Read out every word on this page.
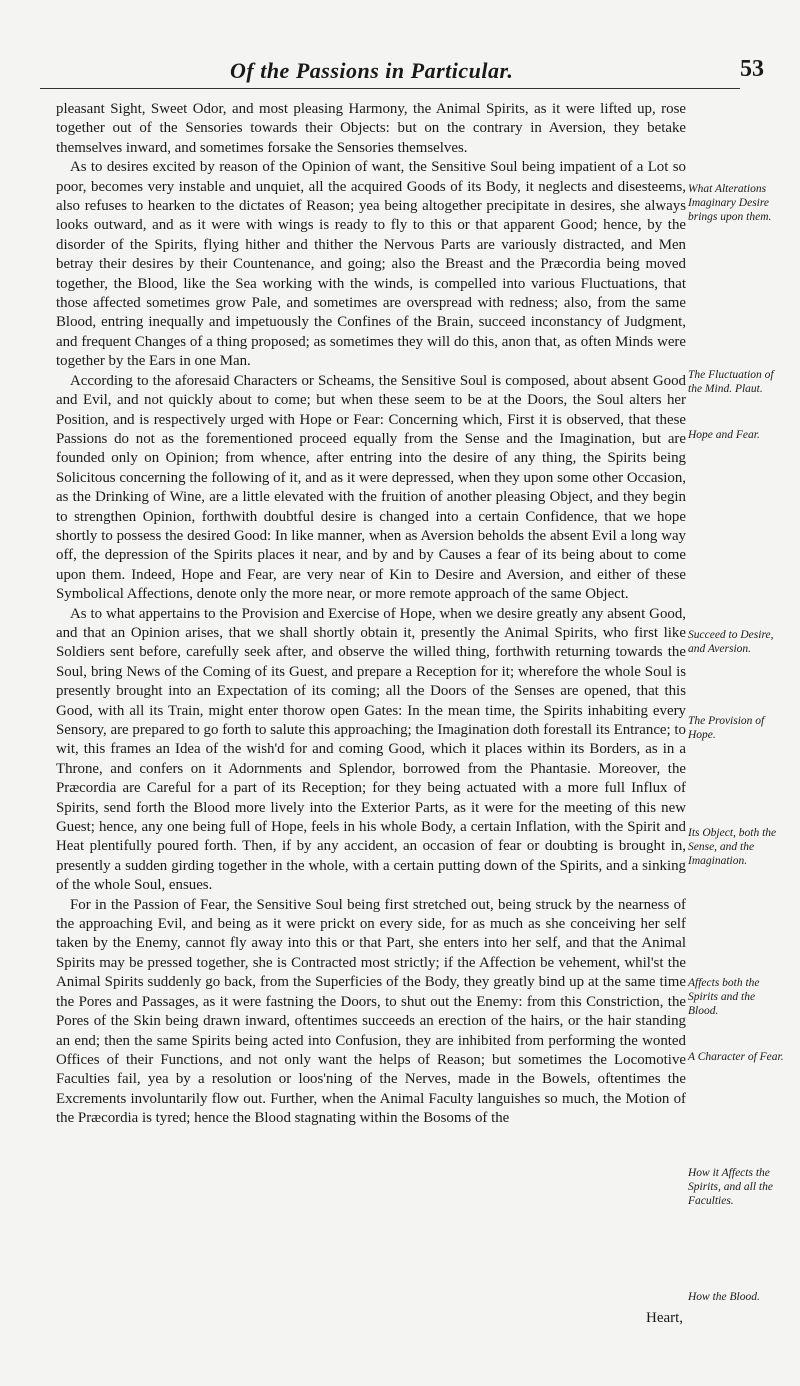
Of the Passions in Particular.	53

pleasant Sight, Sweet Odor, and most pleasing Harmony, the Animal Spirits, as it were lifted up, rose together out of the Sensories towards their Objects: but on the contrary in Aversion, they betake themselves inward, and sometimes forsake the Sensories themselves.

As to desires excited by reason of the Opinion of want, the Sensitive Soul being impatient of a Lot so poor, becomes very instable and unquiet, all the acquired Goods of its Body, it neglects and disesteems, also refuses to hearken to the dictates of Reason; yea being altogether precipitate in desires, she always looks outward, and as it were with wings is ready to fly to this or that apparent Good; hence, by the disorder of the Spirits, flying hither and thither the Nervous Parts are variously distracted, and Men betray their desires by their Countenance, and going; also the Breast and the Præcordia being moved together, the Blood, like the Sea working with the winds, is compelled into various Fluctuations, that those affected sometimes grow Pale, and sometimes are overspread with redness; also, from the same Blood, entring inequally and impetuously the Confines of the Brain, succeed inconstancy of Judgment, and frequent Changes of a thing proposed; as sometimes they will do this, anon that, as often Minds were together by the Ears in one Man.

According to the aforesaid Characters or Scheams, the Sensitive Soul is composed, about absent Good and Evil, and not quickly about to come; but when these seem to be at the Doors, the Soul alters her Position, and is respectively urged with Hope or Fear: Concerning which, First it is observed, that these Passions do not as the forementioned proceed equally from the Sense and the Imagination, but are founded only on Opinion; from whence, after entring into the desire of any thing, the Spirits being Solicitous concerning the following of it, and as it were depressed, when they upon some other Occasion, as the Drinking of Wine, are a little elevated with the fruition of another pleasing Object, and they begin to strengthen Opinion, forthwith doubtful desire is changed into a certain Confidence, that we hope shortly to possess the desired Good: In like manner, when as Aversion beholds the absent Evil a long way off, the depression of the Spirits places it near, and by and by Causes a fear of its being about to come upon them. Indeed, Hope and Fear, are very near of Kin to Desire and Aversion, and either of these Symbolical Affections, denote only the more near, or more remote approach of the same Object.

As to what appertains to the Provision and Exercise of Hope, when we desire greatly any absent Good, and that an Opinion arises, that we shall shortly obtain it, presently the Animal Spirits, who first like Soldiers sent before, carefully seek after, and observe the willed thing, forthwith returning towards the Soul, bring News of the Coming of its Guest, and prepare a Reception for it; wherefore the whole Soul is presently brought into an Expectation of its coming; all the Doors of the Senses are opened, that this Good, with all its Train, might enter thorow open Gates: In the mean time, the Spirits inhabiting every Sensory, are prepared to go forth to salute this approaching; the Imagination doth forestall its Entrance; to wit, this frames an Idea of the wish'd for and coming Good, which it places within its Borders, as in a Throne, and confers on it Adornments and Splendor, borrowed from the Phantasie. Moreover, the Præcordia are Careful for a part of its Reception; for they being actuated with a more full Influx of Spirits, send forth the Blood more lively into the Exterior Parts, as it were for the meeting of this new Guest; hence, any one being full of Hope, feels in his whole Body, a certain Inflation, with the Spirit and Heat plentifully poured forth. Then, if by any accident, an occasion of fear or doubting is brought in, presently a sudden girding together in the whole, with a certain putting down of the Spirits, and a sinking of the whole Soul, ensues.

For in the Passion of Fear, the Sensitive Soul being first stretched out, being struck by the nearness of the approaching Evil, and being as it were prickt on every side, for as much as she conceiving her self taken by the Enemy, cannot fly away into this or that Part, she enters into her self, and that the Animal Spirits may be pressed together, she is Contracted most strictly; if the Affection be vehement, whil'st the Animal Spirits suddenly go back, from the Superficies of the Body, they greatly bind up at the same time the Pores and Passages, as it were fastning the Doors, to shut out the Enemy: from this Constriction, the Pores of the Skin being drawn inward, oftentimes succeeds an erection of the hairs, or the hair standing an end; then the same Spirits being acted into Confusion, they are inhibited from performing the wonted Offices of their Functions, and not only want the helps of Reason; but sometimes the Locomotive Faculties fail, yea by a resolution or loos'ning of the Nerves, made in the Bowels, oftentimes the Excrements involuntarily flow out. Further, when the Animal Faculty languishes so much, the Motion of the Præcordia is tyred; hence the Blood stagnating within the Bosoms of the

What Alterations Imaginary Desire brings upon them.
The Fluctuation of the Mind. Plaut.
Hope and Fear.
Succeed to Desire, and Aversion.
The Provision of Hope.
Its Object, both the Sense, and the Imagination.
Affects both the Spirits and the Blood.
A Character of Fear.
How it Affects the Spirits, and all the Faculties.
How the Blood.
Heart,
